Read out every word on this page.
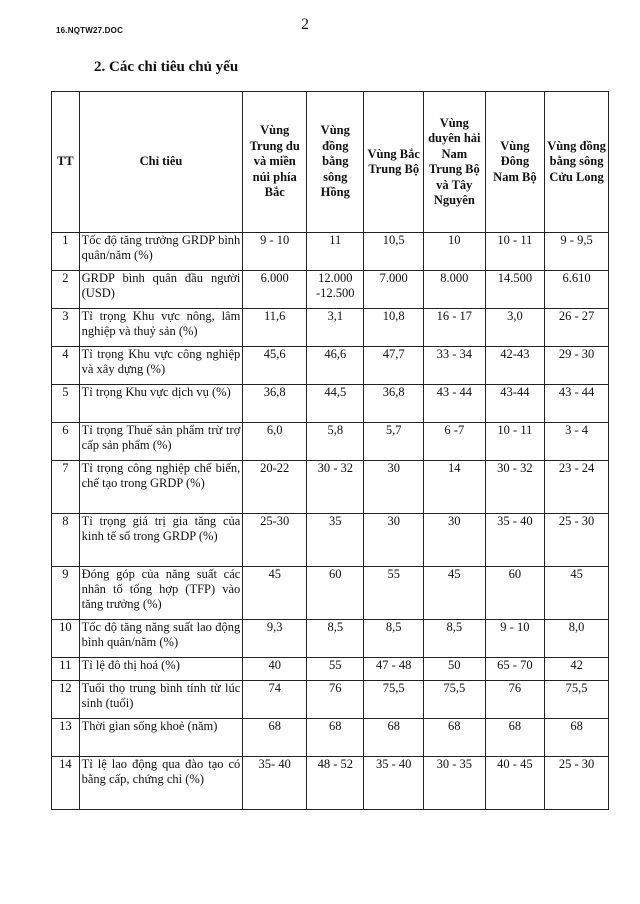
16.NQTW27.DOC	2
2. Các chỉ tiêu chủ yếu
TT	Chỉ tiêu	Vùng Trung du và miền núi phía Bắc	Vùng đồng bằng sông Hồng	Vùng Bắc Trung Bộ	Vùng duyên hải Nam Trung Bộ và Tây Nguyên	Vùng Đông Nam Bộ	Vùng đồng bằng sông Cửu Long
1	Tốc độ tăng trưởng GRDP bình quân/năm (%)	9 - 10	11	10,5	10	10 - 11	9 - 9,5
2	GRDP bình quân đầu người (USD)	6.000	12.000 -12.500	7.000	8.000	14.500	6.610
3	Tỉ trọng Khu vực nông, lâm nghiệp và thuỷ sản (%)	11,6	3,1	10,8	16 - 17	3,0	26 - 27
4	Tỉ trọng Khu vực công nghiệp và xây dựng (%)	45,6	46,6	47,7	33 - 34	42-43	29 - 30
5	Tỉ trọng Khu vực dịch vụ (%)	36,8	44,5	36,8	43 - 44	43-44	43 - 44
6	Tỉ trọng Thuế sản phẩm trừ trợ cấp sản phẩm (%)	6,0	5,8	5,7	6 -7	10 - 11	3 - 4
7	Tỉ trọng công nghiệp chế biến, chế tạo trong GRDP (%)	20-22	30 - 32	30	14	30 - 32	23 - 24
8	Tỉ trọng giá trị gia tăng của kinh tế số trong GRDP (%)	25-30	35	30	30	35 - 40	25 - 30
9	Đóng góp của năng suất các nhân tố tổng hợp (TFP) vào tăng trưởng (%)	45	60	55	45	60	45
10	Tốc độ tăng năng suất lao động bình quân/năm (%)	9,3	8,5	8,5	8,5	9 - 10	8,0
11	Tỉ lệ đô thị hoá (%)	40	55	47 - 48	50	65 - 70	42
12	Tuổi thọ trung bình tính từ lúc sinh (tuổi)	74	76	75,5	75,5	76	75,5
13	Thời gian sống khoẻ (năm)	68	68	68	68	68	68
14	Tỉ lệ lao động qua đào tạo có bằng cấp, chứng chỉ (%)	35- 40	48 - 52	35 - 40	30 - 35	40 - 45	25 - 30
